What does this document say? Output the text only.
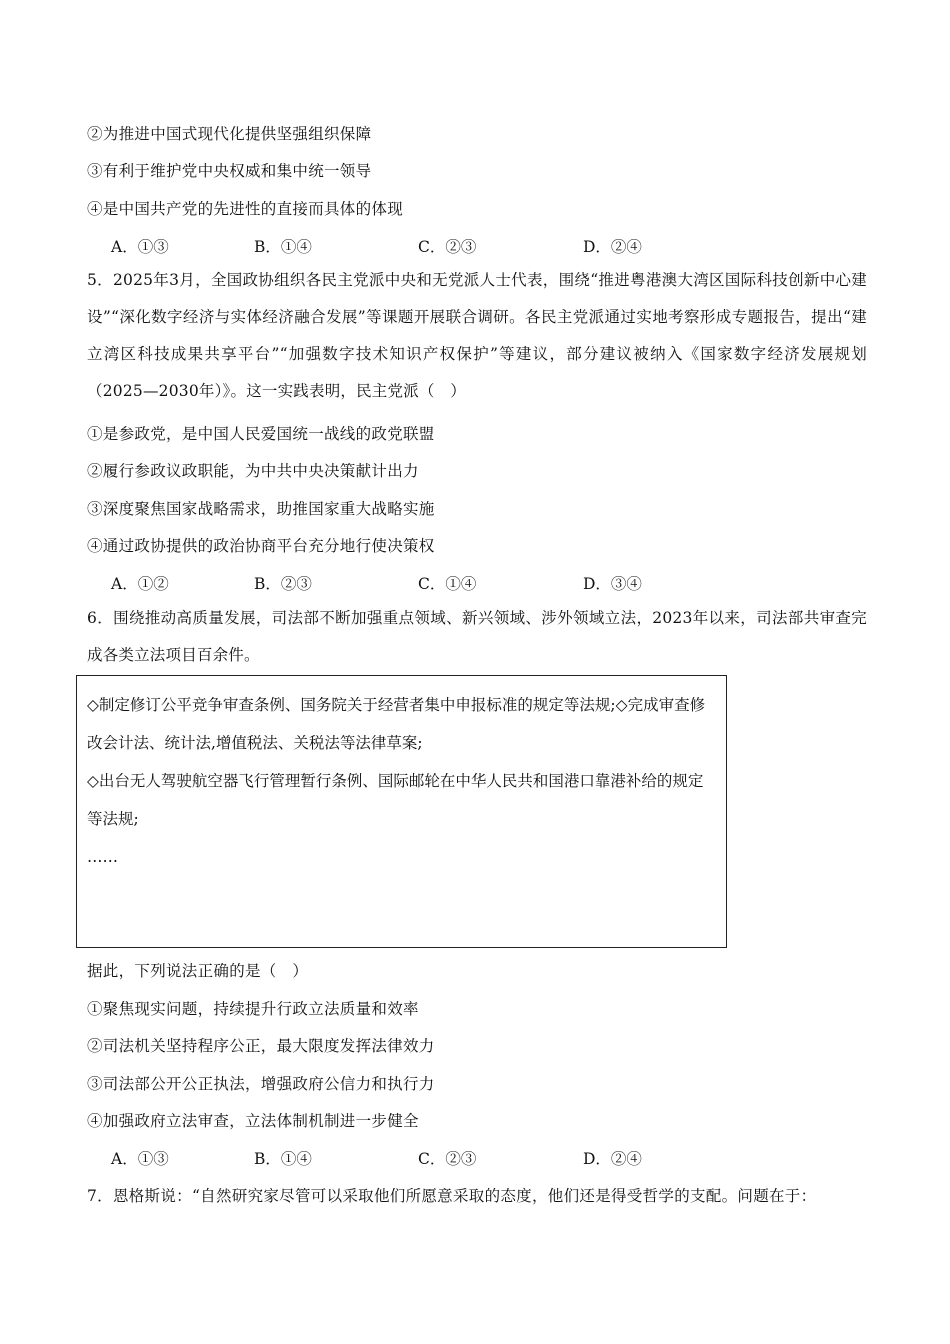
②为推进中国式现代化提供坚强组织保障
③有利于维护党中央权威和集中统一领导
④是中国共产党的先进性的直接而具体的体现
A．①③	B．①④	C．②③	D．②④
5．2025年3月，全国政协组织各民主党派中央和无党派人士代表，围绕“推进粤港澳大湾区国际科技创新中心建设”“深化数字经济与实体经济融合发展”等课题开展联合调研。各民主党派通过实地考察形成专题报告，提出“建立湾区科技成果共享平台”“加强数字技术知识产权保护”等建议，部分建议被纳入《国家数字经济发展规划（2025—2030年）》。这一实践表明，民主党派（　）
①是参政党，是中国人民爱国统一战线的政党联盟
②履行参政议政职能，为中共中央决策献计出力
③深度聚焦国家战略需求，助推国家重大战略实施
④通过政协提供的政治协商平台充分地行使决策权
A．①②	B．②③	C．①④	D．③④
6．围绕推动高质量发展，司法部不断加强重点领域、新兴领域、涉外领域立法，2023年以来，司法部共审查完成各类立法项目百余件。
◇制定修订公平竞争审查条例、国务院关于经营者集中申报标准的规定等法规;◇完成审查修改会计法、统计法,增值税法、关税法等法律草案;
◇出台无人驾驶航空器飞行管理暂行条例、国际邮轮在中华人民共和国港口靠港补给的规定等法规;
……
据此，下列说法正确的是（　）
①聚焦现实问题，持续提升行政立法质量和效率
②司法机关坚持程序公正，最大限度发挥法律效力
③司法部公开公正执法，增强政府公信力和执行力
④加强政府立法审查，立法体制机制进一步健全
A．①③	B．①④	C．②③	D．②④
7．恩格斯说：“自然研究家尽管可以采取他们所愿意采取的态度，他们还是得受哲学的支配。问题在于：
